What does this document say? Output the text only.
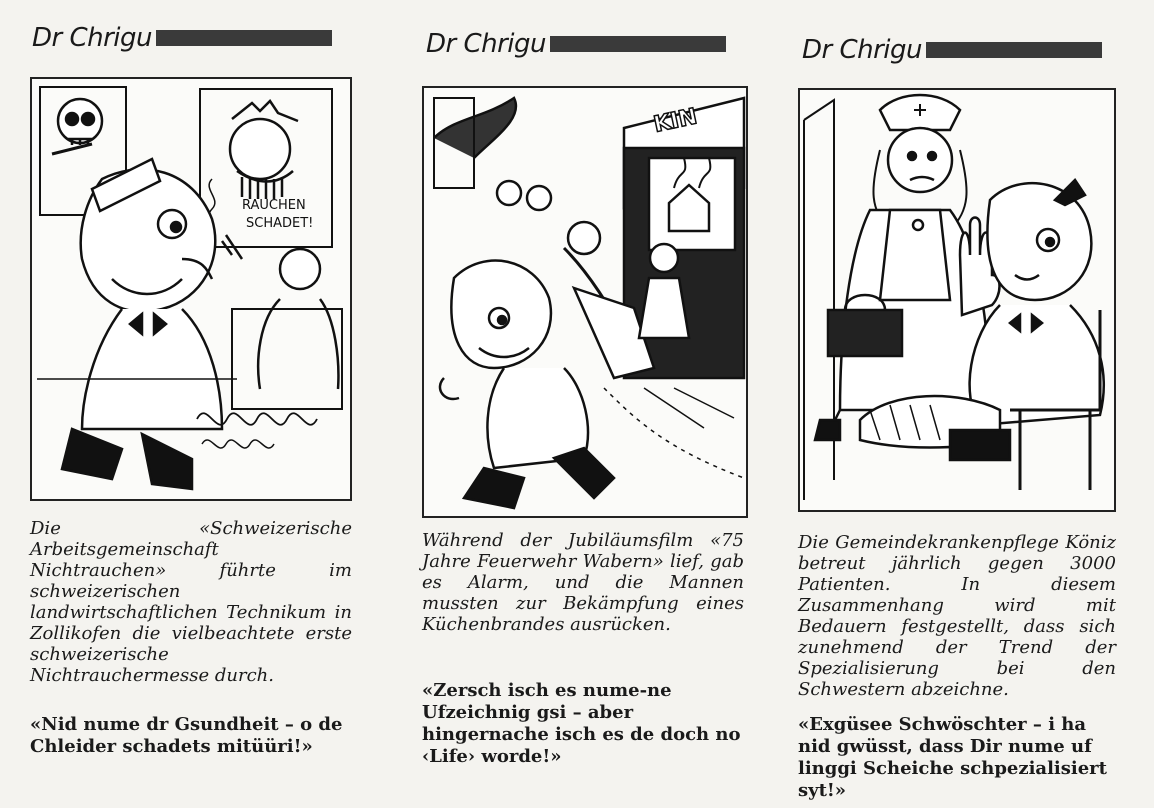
Dr Chrigu
RAUCHEN
SCHADET!
Die «Schweizerische Arbeitsgemeinschaft Nichtrauchen» führte im schweizerischen landwirtschaftlichen Technikum in Zollikofen die vielbeachtete erste schweizerische Nichtrauchermesse durch.
«Nid nume dr Gsundheit – o de Chleider schadets mitüüri!»
Dr Chrigu
KIN
Während der Jubiläumsfilm «75 Jahre Feuerwehr Wabern» lief, gab es Alarm, und die Mannen mussten zur Bekämpfung eines Küchenbrandes ausrücken.
«Zersch isch es nume-ne Ufzeichnig gsi – aber hingernache isch es de doch no ‹Life› worde!»
Dr Chrigu
Die Gemeindekrankenpflege Köniz betreut jährlich gegen 3000 Patienten. In diesem Zusammenhang wird mit Bedauern festgestellt, dass sich zunehmend der Trend der Spezialisierung bei den Schwestern abzeichne.
«Exgüsee Schwöschter – i ha nid gwüsst, dass Dir nume uf linggi Scheiche schpezialisiert syt!»
